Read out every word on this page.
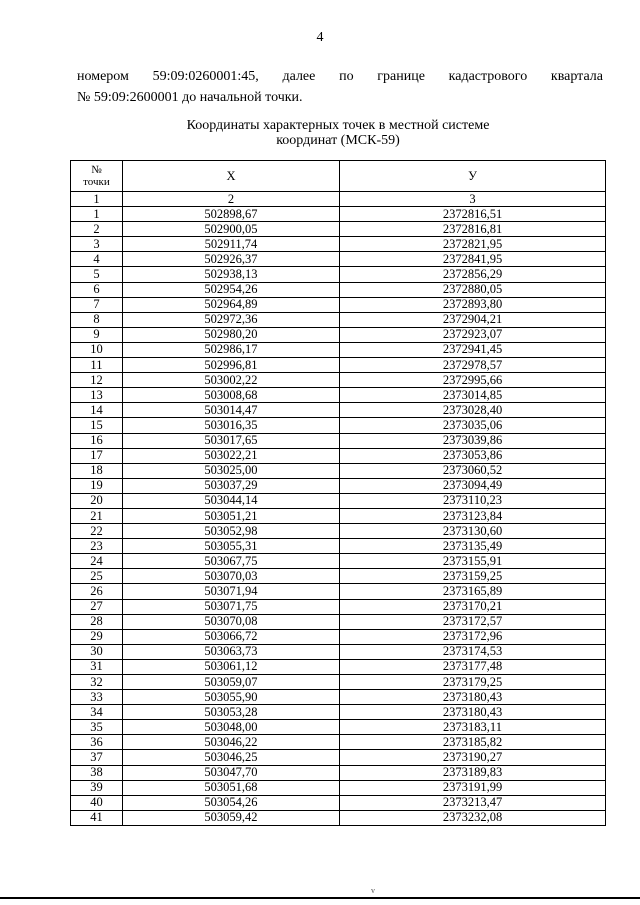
4
номером 59:09:0260001:45, далее по границе кадастрового квартала
№ 59:09:2600001 до начальной точки.
Координаты характерных точек в местной системе
координат (МСК-59)
№
точки	Х	У
1	2	3
1	502898,67	2372816,51
2	502900,05	2372816,81
3	502911,74	2372821,95
4	502926,37	2372841,95
5	502938,13	2372856,29
6	502954,26	2372880,05
7	502964,89	2372893,80
8	502972,36	2372904,21
9	502980,20	2372923,07
10	502986,17	2372941,45
11	502996,81	2372978,57
12	503002,22	2372995,66
13	503008,68	2373014,85
14	503014,47	2373028,40
15	503016,35	2373035,06
16	503017,65	2373039,86
17	503022,21	2373053,86
18	503025,00	2373060,52
19	503037,29	2373094,49
20	503044,14	2373110,23
21	503051,21	2373123,84
22	503052,98	2373130,60
23	503055,31	2373135,49
24	503067,75	2373155,91
25	503070,03	2373159,25
26	503071,94	2373165,89
27	503071,75	2373170,21
28	503070,08	2373172,57
29	503066,72	2373172,96
30	503063,73	2373174,53
31	503061,12	2373177,48
32	503059,07	2373179,25
33	503055,90	2373180,43
34	503053,28	2373180,43
35	503048,00	2373183,11
36	503046,22	2373185,82
37	503046,25	2373190,27
38	503047,70	2373189,83
39	503051,68	2373191,99
40	503054,26	2373213,47
41	503059,42	2373232,08
v
